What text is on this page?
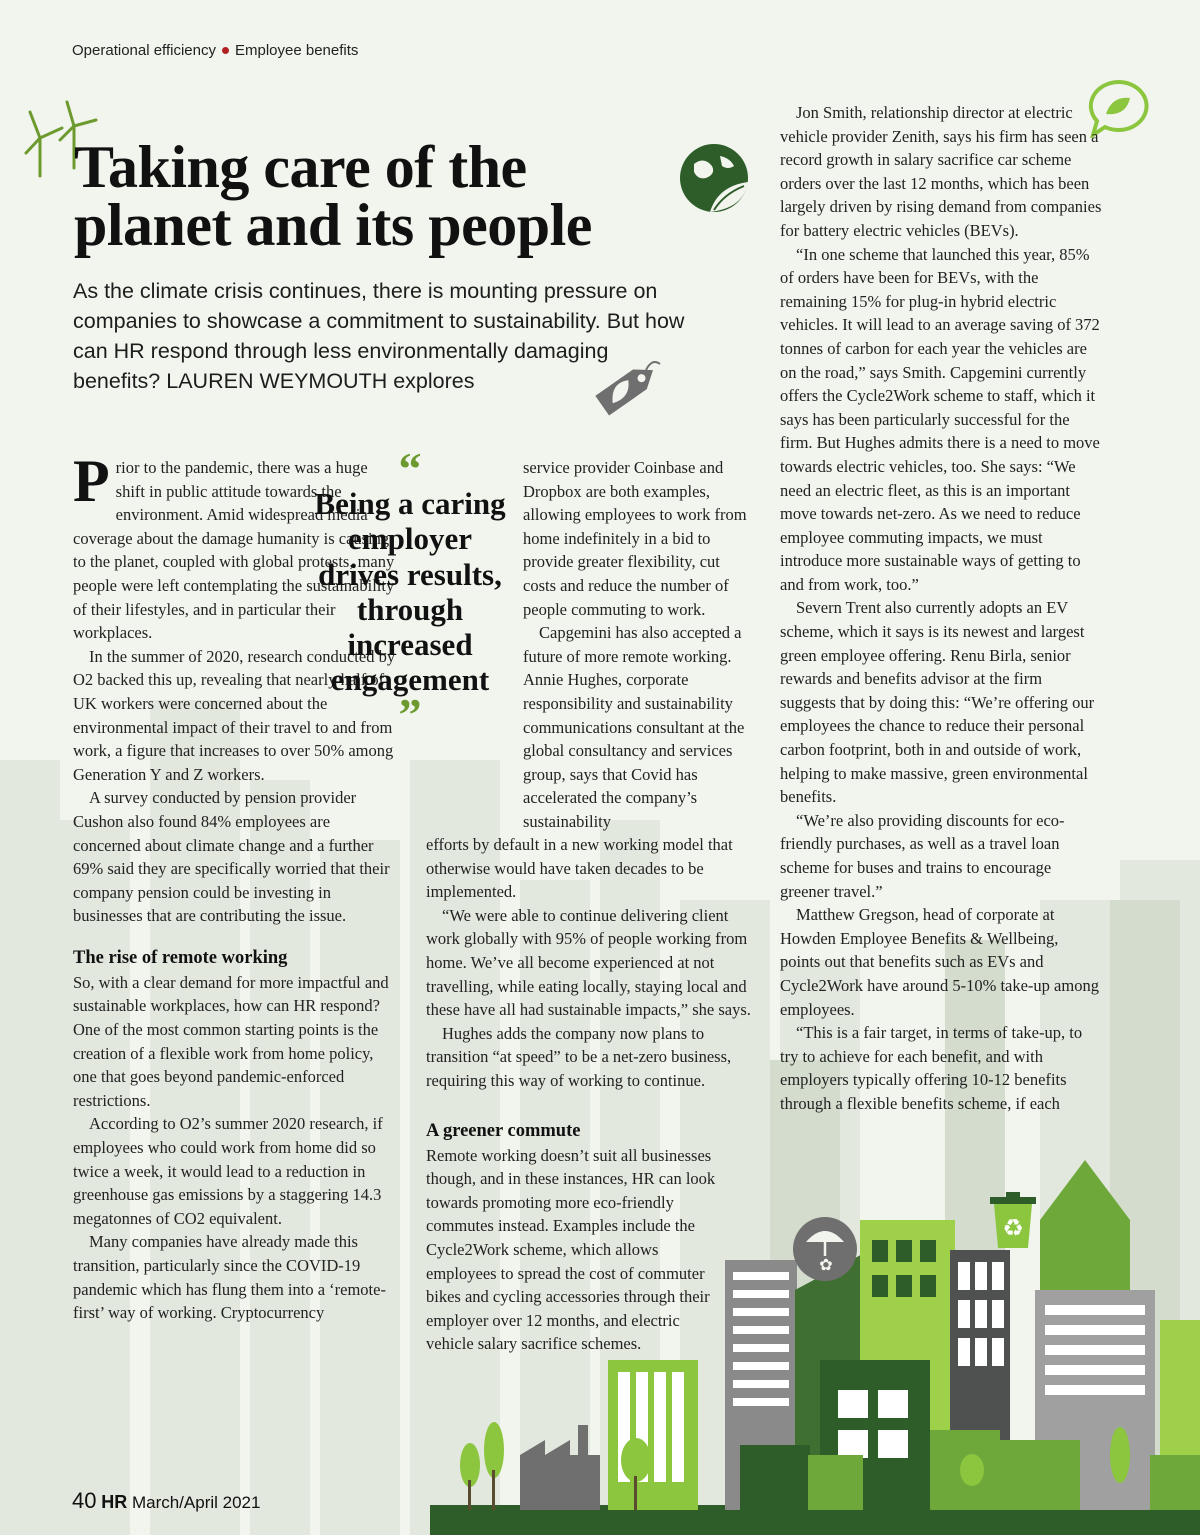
Operational efficiency Employee benefits
Taking care of the planet and its people
As the climate crisis continues, there is mounting pressure on companies to showcase a commitment to sustainability. But how can HR respond through less environmentally damaging benefits? LAUREN WEYMOUTH explores

Prior to the pandemic, there was a huge shift in public attitude towards the environment. Amid widespread media coverage about the damage humanity is causing to the planet, coupled with global protests, many people were left contemplating the sustainability of their lifestyles, and in particular their workplaces.

In the summer of 2020, research conducted by O2 backed this up, revealing that nearly half of UK workers were concerned about the environmental impact of their travel to and from work, a figure that increases to over 50% among Generation Y and Z workers.

A survey conducted by pension provider Cushon also found 84% employees are concerned about climate change and a further 69% said they are specifically worried that their company pension could be investing in businesses that are contributing the issue.

The rise of remote working

So, with a clear demand for more impactful and sustainable workplaces, how can HR respond? One of the most common starting points is the creation of a flexible work from home policy, one that goes beyond pandemic-enforced restrictions.

According to O2’s summer 2020 research, if employees who could work from home did so twice a week, it would lead to a reduction in greenhouse gas emissions by a staggering 14.3 megatonnes of CO2 equivalent.

Many companies have already made this transition, particularly since the COVID-19 pandemic which has flung them into a ‘remote-first’ way of working. Cryptocurrency

“
Being a caring employer drives results, through increased engagement
”

service provider Coinbase and Dropbox are both examples, allowing employees to work from home indefinitely in a bid to provide greater flexibility, cut costs and reduce the number of people commuting to work.

Capgemini has also accepted a future of more remote working. Annie Hughes, corporate responsibility and sustainability communications consultant at the global consultancy and services group, says that Covid has accelerated the company’s sustainability

efforts by default in a new working model that otherwise would have taken decades to be implemented.

“We were able to continue delivering client work globally with 95% of people working from home. We’ve all become experienced at not travelling, while eating locally, staying local and these have all had sustainable impacts,” she says.

Hughes adds the company now plans to transition “at speed” to be a net-zero business, requiring this way of working to continue.

A greener commute

Remote working doesn’t suit all businesses though, and in these instances, HR can look towards promoting more eco-friendly commutes instead. Examples include the Cycle2Work scheme, which allows employees to spread the cost of commuter bikes and cycling accessories through their employer over 12 months, and electric vehicle salary sacrifice schemes.

Jon Smith, relationship director at electric vehicle provider Zenith, says his firm has seen a record growth in salary sacrifice car scheme orders over the last 12 months, which has been largely driven by rising demand from companies for battery electric vehicles (BEVs).

“In one scheme that launched this year, 85% of orders have been for BEVs, with the remaining 15% for plug-in hybrid electric vehicles. It will lead to an average saving of 372 tonnes of carbon for each year the vehicles are on the road,” says Smith. Capgemini currently offers the Cycle2Work scheme to staff, which it says has been particularly successful for the firm. But Hughes admits there is a need to move towards electric vehicles, too. She says: “We need an electric fleet, as this is an important move towards net-zero. As we need to reduce employee commuting impacts, we must introduce more sustainable ways of getting to and from work, too.”

Severn Trent also currently adopts an EV scheme, which it says is its newest and largest green employee offering. Renu Birla, senior rewards and benefits advisor at the firm suggests that by doing this: “We’re offering our employees the chance to reduce their personal carbon footprint, both in and outside of work, helping to make massive, green environmental benefits.

“We’re also providing discounts for eco-friendly purchases, as well as a travel loan scheme for buses and trains to encourage greener travel.”

Matthew Gregson, head of corporate at Howden Employee Benefits & Wellbeing, points out that benefits such as EVs and Cycle2Work have around 5-10% take-up among employees.

“This is a fair target, in terms of take-up, to try to achieve for each benefit, and with employers typically offering 10-12 benefits through a flexible benefits scheme, if each

♻
✿
40 HR March/April 2021
